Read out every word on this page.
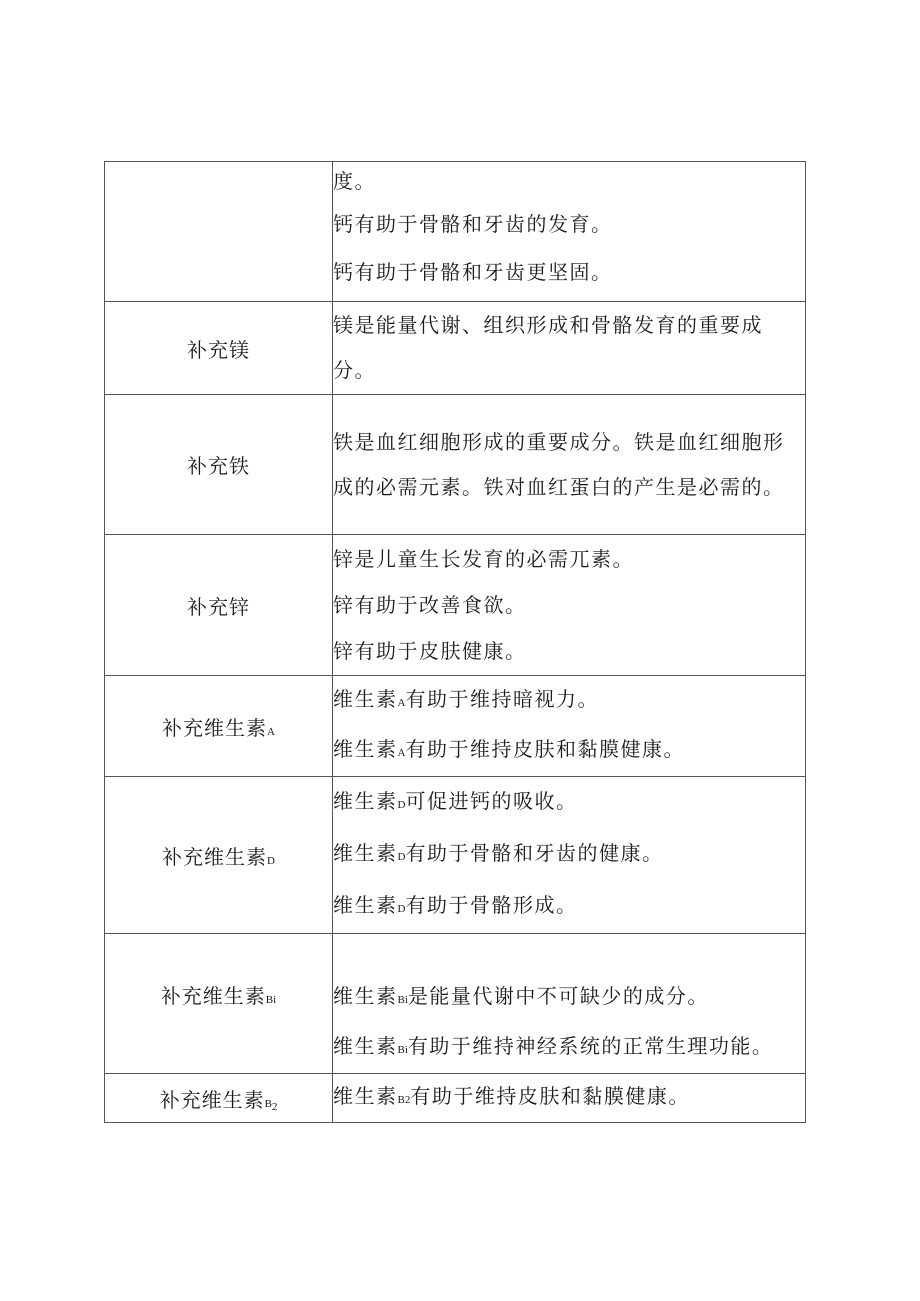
	度。

钙有助于骨骼和牙齿的发育。

钙有助于骨骼和牙齿更坚固。

补充镁	镁是能量代谢、组织形成和骨骼发育的重要成分。

补充铁	铁是血红细胞形成的重要成分。铁是血红细胞形成的必需元素。铁对血红蛋白的产生是必需的。

补充锌	锌是儿童生长发育的必需兀素。

锌有助于改善食欲。

锌有助于皮肤健康。

补充维生素A	维生素A有助于维持暗视力。

维生素A有助于维持皮肤和黏膜健康。

补充维生素D	维生素D可促进钙的吸收。

维生素D有助于骨骼和牙齿的健康。

维生素D有助于骨骼形成。

补充维生素Bi	维生素Bi是能量代谢中不可缺少的成分。

维生素Bi有助于维持神经系统的正常生理功能。

补充维生素B2	维生素B2有助于维持皮肤和黏膜健康。
